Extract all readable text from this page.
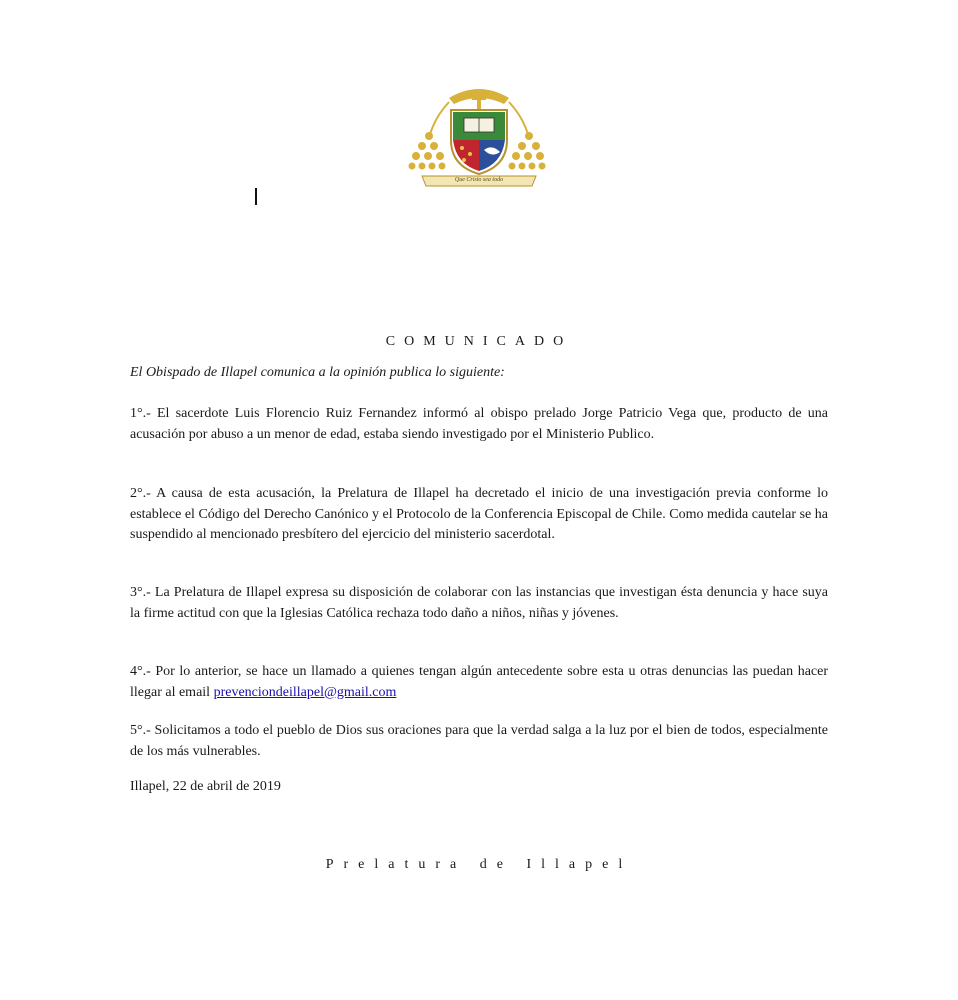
Que Cristo sea todo
COMUNICADO
El Obispado de Illapel comunica a la opinión publica lo siguiente:

1°.- El sacerdote Luis Florencio Ruiz Fernandez informó al obispo prelado Jorge Patricio Vega que, producto de una acusación por abuso a un menor de edad, estaba siendo investigado por el Ministerio Publico.

2°.- A causa de esta acusación, la Prelatura de Illapel ha decretado el inicio de una investigación previa conforme lo establece el Código del Derecho Canónico y el Protocolo de la Conferencia Episcopal de Chile. Como medida cautelar se ha suspendido al mencionado presbítero del ejercicio del ministerio sacerdotal.

3°.- La Prelatura de Illapel expresa su disposición de colaborar con las instancias que investigan ésta denuncia y hace suya la firme actitud con que la Iglesias Católica rechaza todo daño a niños, niñas y jóvenes.

4°.- Por lo anterior, se hace un llamado a quienes tengan algún antecedente sobre esta u otras denuncias las puedan hacer llegar al email prevenciondeillapel@gmail.com

5°.- Solicitamos a todo el pueblo de Dios sus oraciones para que la verdad salga a la luz por el bien de todos, especialmente de los más vulnerables.

Illapel, 22 de abril de 2019
Prelatura de Illapel
